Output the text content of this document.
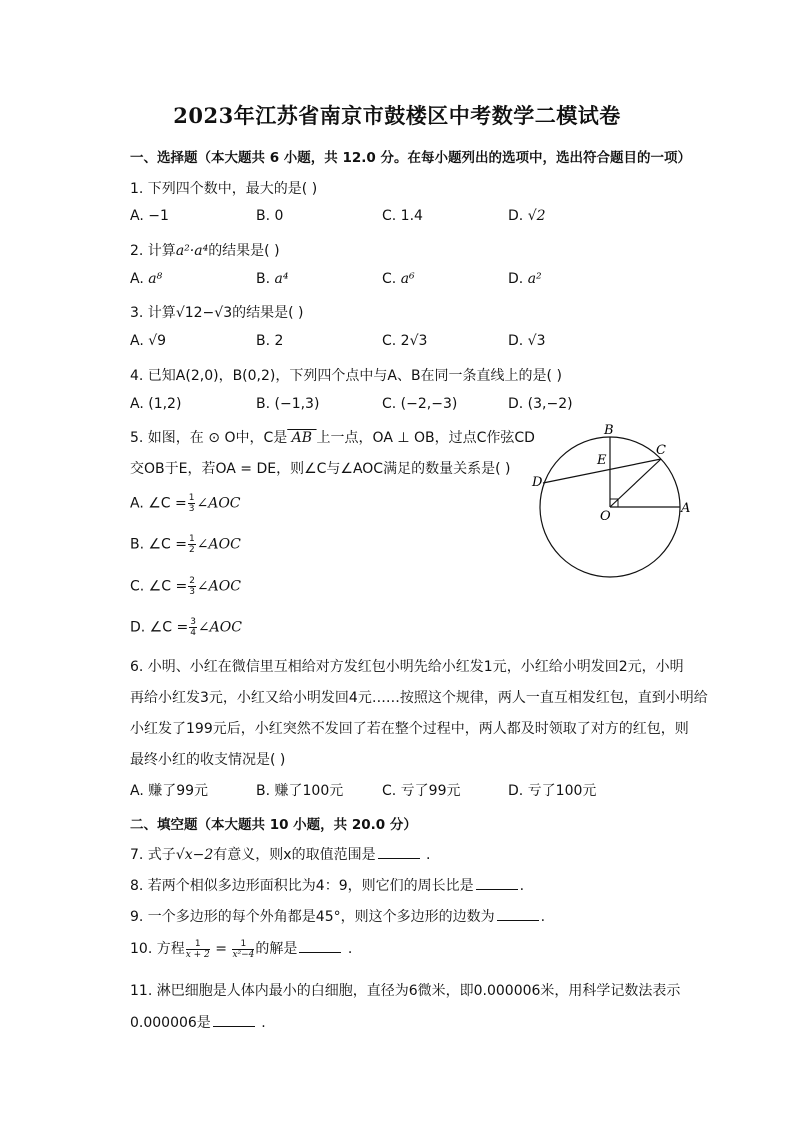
2023年江苏省南京市鼓楼区中考数学二模试卷
一、选择题（本大题共 6 小题，共 12.0 分。在每小题列出的选项中，选出符合题目的一项）
1. 下列四个数中，最大的是( )
A. −1	B. 0	C. 1.4	D. √2
2. 计算a²·a⁴的结果是( )
A. a⁸	B. a⁴	C. a⁶	D. a²
3. 计算√12−√3的结果是( )
A. √9	B. 2	C. 2√3	D. √3
4. 已知A(2,0)，B(0,2)，下列四个点中与A、B在同一条直线上的是( )
A. (1,2)	B. (−1,3)	C. (−2,−3)	D. (3,−2)
5. 如图，在 ⊙ O中，C是 AB 上一点，OA ⊥ OB，过点C作弦CD
交OB于E，若OA = DE，则∠C与∠AOC满足的数量关系是( )
A. ∠C = $\frac{1}{3}$ ∠AOC
B. ∠C = $\frac{1}{2}$ ∠AOC
C. ∠C = $\frac{2}{3}$ ∠AOC
D. ∠C = $\frac{3}{4}$ ∠AOC
B
C
E
D
O
A
6. 小明、小红在微信里互相给对方发红包小明先给小红发1元，小红给小明发回2元，小明
再给小红发3元，小红又给小明发回4元……按照这个规律，两人一直互相发红包，直到小明给
小红发了199元后，小红突然不发回了若在整个过程中，两人都及时领取了对方的红包，则
最终小红的收支情况是( )
A. 赚了99元	B. 赚了100元	C. 亏了99元	D. 亏了100元
二、填空题（本大题共 10 小题，共 20.0 分）
7. 式子√x−2有意义，则x的取值范围是	.
8. 若两个相似多边形面积比为4：9，则它们的周长比是	.
9. 一个多边形的每个外角都是45°，则这个多边形的边数为	.
10. 方程 $\frac{1}{x + 2} = \frac{1}{\text{x²−4}}$ 的解是	.
11. 淋巴细胞是人体内最小的白细胞，直径为6微米，即0.000006米，用科学记数法表示
0.000006是	.
